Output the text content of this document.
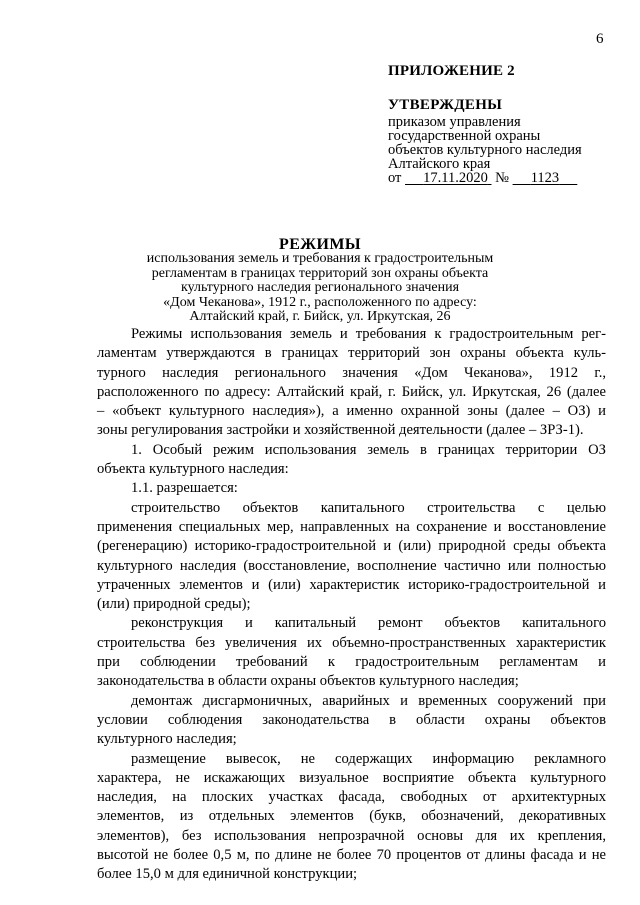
6
ПРИЛОЖЕНИЕ 2
УТВЕРЖДЕНЫ
приказом управления
государственной охраны
объектов культурного наследия
Алтайского края
от 17.11.2020 № 1123
РЕЖИМЫ
использования земель и требования к градостроительным
регламентам в границах территорий зон охраны объекта
культурного наследия регионального значения
«Дом Чеканова», 1912 г., расположенного по адресу:
Алтайский край, г. Бийск, ул. Иркутская, 26

Режимы использования земель и требования к градостроительным рег-

ламентам утверждаются в границах территорий зон охраны объекта куль-

турного наследия регионального значения «Дом Чеканова», 1912 г.,

расположенного по адресу: Алтайский край, г. Бийск, ул. Иркутская, 26 (далее

– «объект культурного наследия»), а именно охранной зоны (далее – ОЗ) и

зоны регулирования застройки и хозяйственной деятельности (далее – ЗРЗ-1).

1. Особый режим использования земель в границах территории ОЗ

объекта культурного наследия:

1.1. разрешается:

строительство объектов капитального строительства с целью

применения специальных мер, направленных на сохранение и восстановление

(регенерацию) историко-градостроительной и (или) природной среды объекта

культурного наследия (восстановление, восполнение частично или полностью

утраченных элементов и (или) характеристик историко-градостроительной и

(или) природной среды);

реконструкция и капитальный ремонт объектов капитального

строительства без увеличения их объемно-пространственных характеристик

при соблюдении требований к градостроительным регламентам и

законодательства в области охраны объектов культурного наследия;

демонтаж дисгармоничных, аварийных и временных сооружений при

условии соблюдения законодательства в области охраны объектов

культурного наследия;

размещение вывесок, не содержащих информацию рекламного

характера, не искажающих визуальное восприятие объекта культурного

наследия, на плоских участках фасада, свободных от архитектурных

элементов, из отдельных элементов (букв, обозначений, декоративных

элементов), без использования непрозрачной основы для их крепления,

высотой не более 0,5 м, по длине не более 70 процентов от длины фасада и не

более 15,0 м для единичной конструкции;
